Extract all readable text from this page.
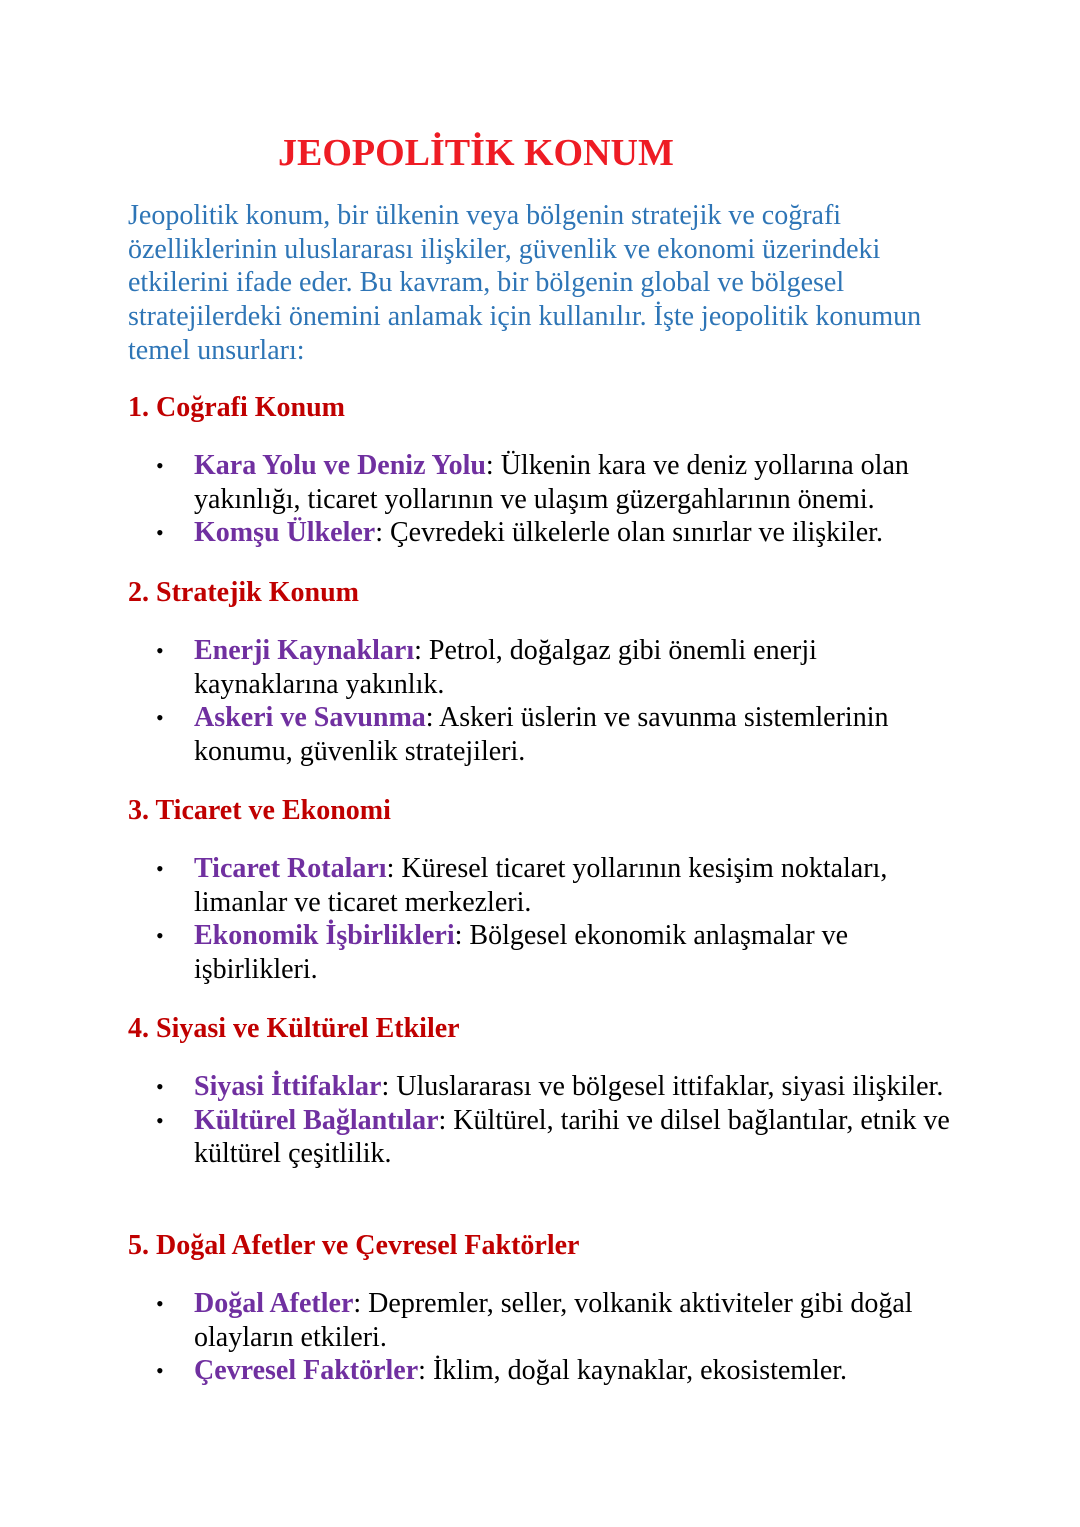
JEOPOLİTİK KONUM

Jeopolitik konum, bir ülkenin veya bölgenin stratejik ve coğrafi özelliklerinin uluslararası ilişkiler, güvenlik ve ekonomi üzerindeki etkilerini ifade eder. Bu kavram, bir bölgenin global ve bölgesel stratejilerdeki önemini anlamak için kullanılır. İşte jeopolitik konumun temel unsurları:

1. Coğrafi Konum
• Kara Yolu ve Deniz Yolu: Ülkenin kara ve deniz yollarına olan yakınlığı, ticaret yollarının ve ulaşım güzergahlarının önemi.
• Komşu Ülkeler: Çevredeki ülkelerle olan sınırlar ve ilişkiler.
2. Stratejik Konum
• Enerji Kaynakları: Petrol, doğalgaz gibi önemli enerji kaynaklarına yakınlık.
• Askeri ve Savunma: Askeri üslerin ve savunma sistemlerinin konumu, güvenlik stratejileri.
3. Ticaret ve Ekonomi
• Ticaret Rotaları: Küresel ticaret yollarının kesişim noktaları, limanlar ve ticaret merkezleri.
• Ekonomik İşbirlikleri: Bölgesel ekonomik anlaşmalar ve işbirlikleri.
4. Siyasi ve Kültürel Etkiler
• Siyasi İttifaklar: Uluslararası ve bölgesel ittifaklar, siyasi ilişkiler.
• Kültürel Bağlantılar: Kültürel, tarihi ve dilsel bağlantılar, etnik ve kültürel çeşitlilik.
5. Doğal Afetler ve Çevresel Faktörler
• Doğal Afetler: Depremler, seller, volkanik aktiviteler gibi doğal olayların etkileri.
• Çevresel Faktörler: İklim, doğal kaynaklar, ekosistemler.
